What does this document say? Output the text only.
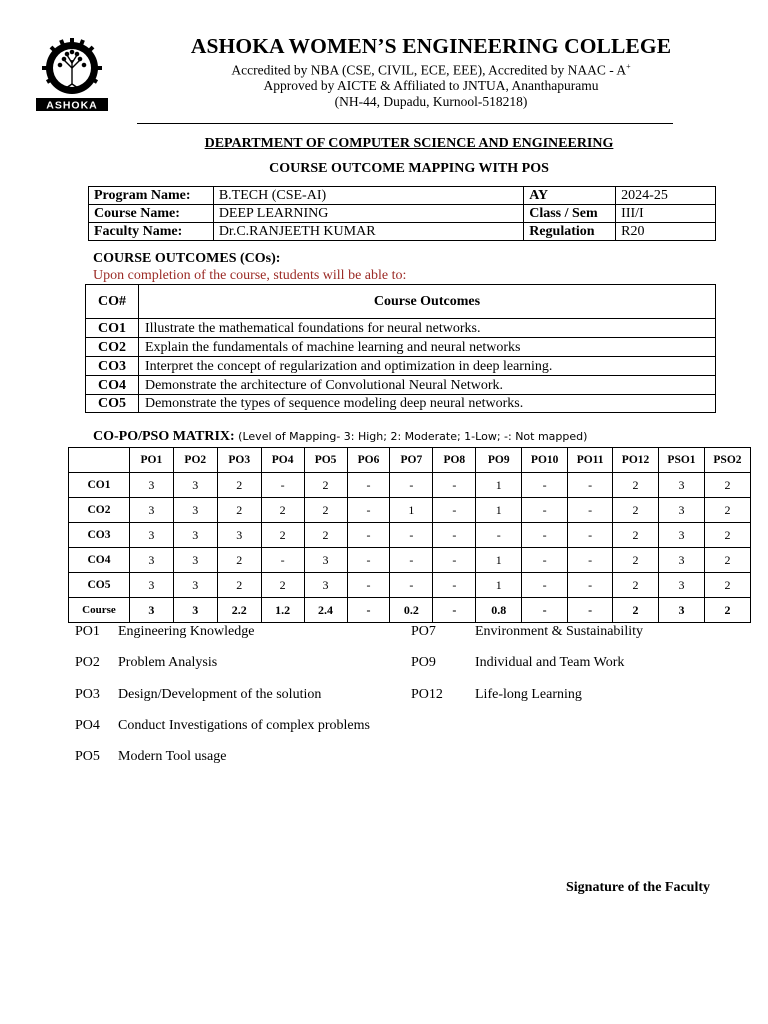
ASHOKA
ASHOKA WOMEN’S ENGINEERING COLLEGE
Accredited by NBA (CSE, CIVIL, ECE, EEE), Accredited by NAAC - A+
Approved by AICTE & Affiliated to JNTUA, Ananthapuramu
(NH-44, Dupadu, Kurnool-518218)
DEPARTMENT OF COMPUTER SCIENCE AND ENGINEERING
COURSE OUTCOME MAPPING WITH POS
Program Name:	B.TECH (CSE-AI)	AY	2024-25
Course Name:	DEEP LEARNING	Class / Sem	III/I
Faculty Name:	Dr.C.RANJEETH KUMAR	Regulation	R20
COURSE OUTCOMES (COs):
Upon completion of the course, students will be able to:
CO#	Course Outcomes
CO1	Illustrate the mathematical foundations for neural networks.
CO2	Explain the fundamentals of machine learning and neural networks
CO3	Interpret the concept of regularization and optimization in deep learning.
CO4	Demonstrate the architecture of Convolutional Neural Network.
CO5	Demonstrate the types of sequence modeling deep neural networks.
CO-PO/PSO MATRIX: (Level of Mapping- 3: High; 2: Moderate; 1-Low; -: Not mapped)
	PO1	PO2	PO3	PO4	PO5	PO6	PO7	PO8	PO9	PO10	PO11	PO12	PSO1	PSO2
CO1	3	3	2	-	2	-	-	-	1	-	-	2	3	2
CO2	3	3	2	2	2	-	1	-	1	-	-	2	3	2
CO3	3	3	3	2	2	-	-	-	-	-	-	2	3	2
CO4	3	3	2	-	3	-	-	-	1	-	-	2	3	2
CO5	3	3	2	2	3	-	-	-	1	-	-	2	3	2
Course	3	3	2.2	1.2	2.4	-	0.2	-	0.8	-	-	2	3	2
PO1 Engineering Knowledge
PO2 Problem Analysis
PO3 Design/Development of the solution
PO4 Conduct Investigations of complex problems
PO5 Modern Tool usage
PO7	Environment & Sustainability
PO9	Individual and Team Work
PO12 Life-long Learning
Signature of the Faculty
